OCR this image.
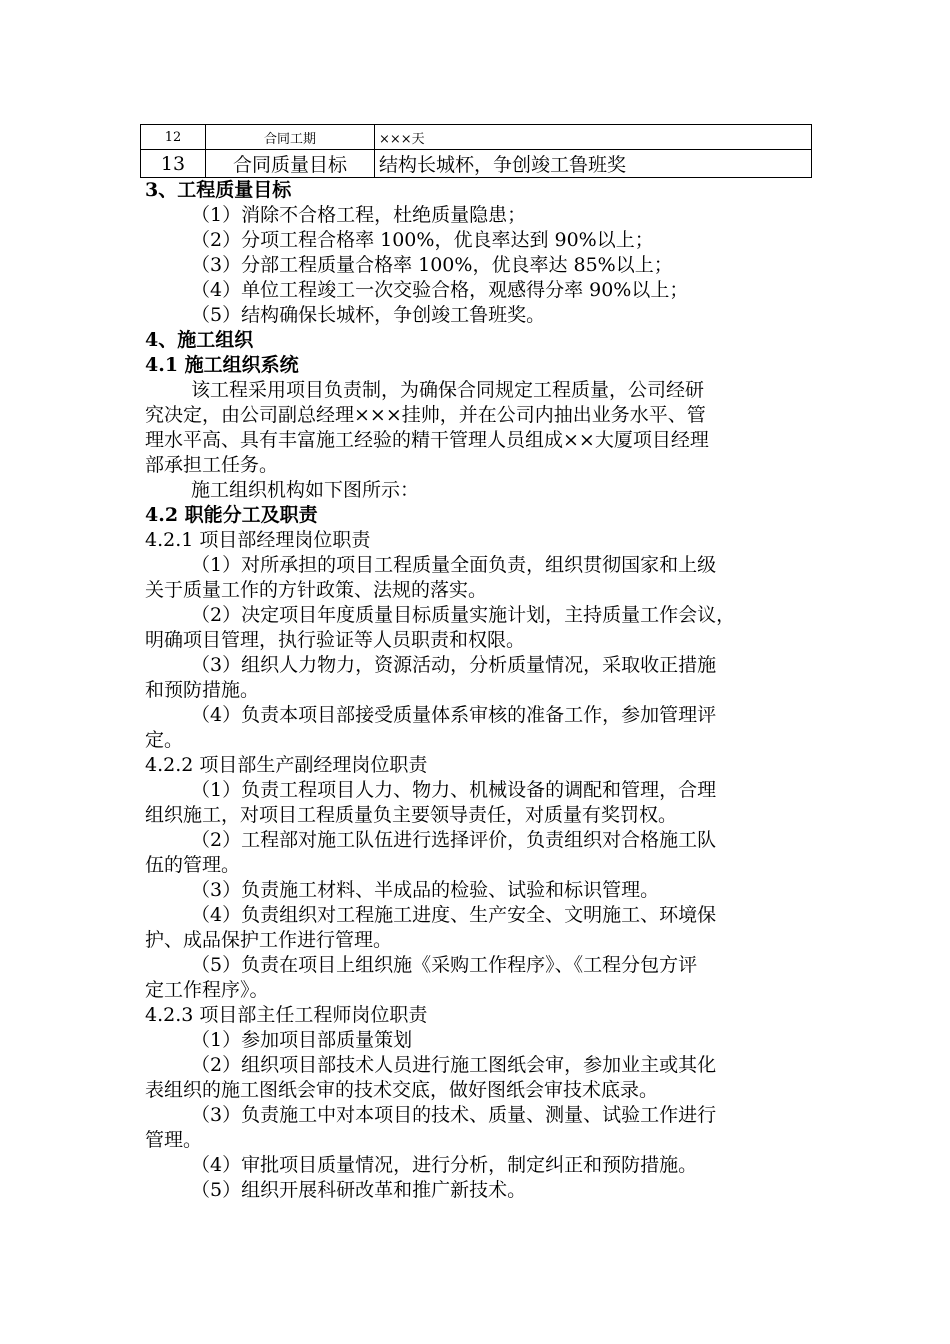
12	合同工期	×××天
13	合同质量目标	结构长城杯，争创竣工鲁班奖
3、工程质量目标
（1）消除不合格工程，杜绝质量隐患；
（2）分项工程合格率 100%，优良率达到 90%以上；
（3）分部工程质量合格率 100%，优良率达 85%以上；
（4）单位工程竣工一次交验合格，观感得分率 90%以上；
（5）结构确保长城杯，争创竣工鲁班奖。
4、施工组织
4.1 施工组织系统
该工程采用项目负责制，为确保合同规定工程质量，公司经研
究决定，由公司副总经理×××挂帅，并在公司内抽出业务水平、管
理水平高、具有丰富施工经验的精干管理人员组成××大厦项目经理
部承担工任务。
施工组织机构如下图所示：
4.2 职能分工及职责
4.2.1 项目部经理岗位职责
（1）对所承担的项目工程质量全面负责，组织贯彻国家和上级
关于质量工作的方针政策、法规的落实。
（2）决定项目年度质量目标质量实施计划，主持质量工作会议，
明确项目管理，执行验证等人员职责和权限。
（3）组织人力物力，资源活动，分析质量情况，采取收正措施
和预防措施。
（4）负责本项目部接受质量体系审核的准备工作，参加管理评
定。
4.2.2 项目部生产副经理岗位职责
（1）负责工程项目人力、物力、机械设备的调配和管理，合理
组织施工，对项目工程质量负主要领导责任，对质量有奖罚权。
（2）工程部对施工队伍进行选择评价，负责组织对合格施工队
伍的管理。
（3）负责施工材料、半成品的检验、试验和标识管理。
（4）负责组织对工程施工进度、生产安全、文明施工、环境保
护、成品保护工作进行管理。
（5）负责在项目上组织施《采购工作程序》、《工程分包方评
定工作程序》。
4.2.3 项目部主任工程师岗位职责
（1）参加项目部质量策划
（2）组织项目部技术人员进行施工图纸会审，参加业主或其化
表组织的施工图纸会审的技术交底，做好图纸会审技术底录。
（3）负责施工中对本项目的技术、质量、测量、试验工作进行
管理。
（4）审批项目质量情况，进行分析，制定纠正和预防措施。
（5）组织开展科研改革和推广新技术。
